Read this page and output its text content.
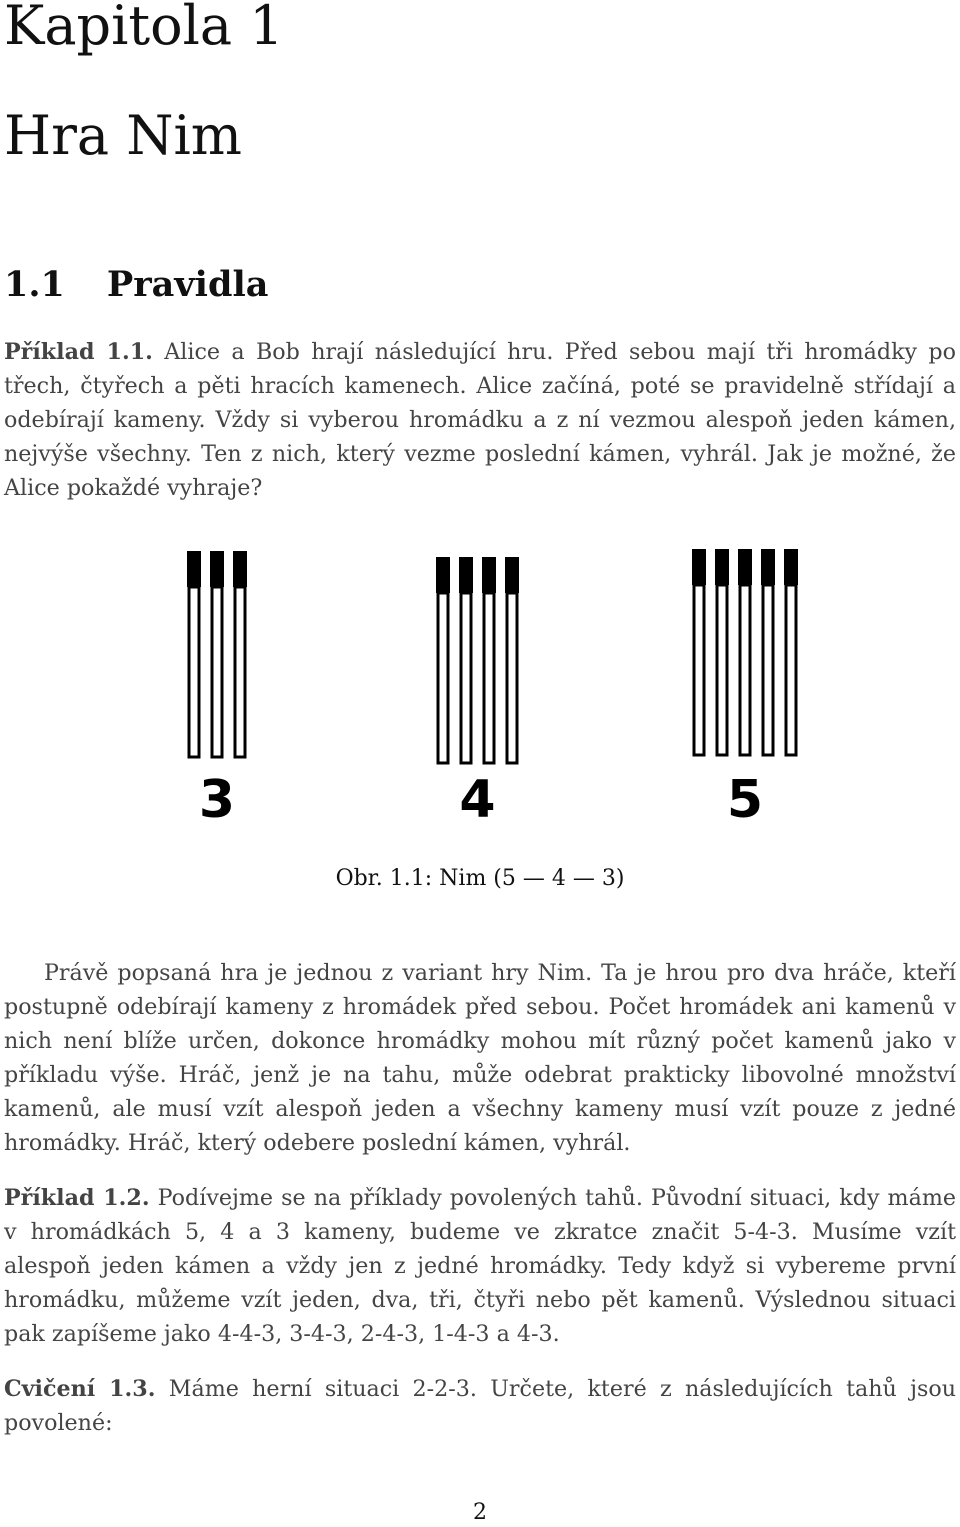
Kapitola 1
Hra Nim
1.1 Pravidla

Příklad 1.1. Alice a Bob hrají následující hru. Před sebou mají tři hromádky po třech, čtyřech a pěti hracích kamenech. Alice začíná, poté se pravidelně střídají a odebírají kameny. Vždy si vyberou hromádku a z ní vezmou alespoň jeden kámen, nejvýše všechny. Ten z nich, který vezme poslední kámen, vyhrál. Jak je možné, že Alice pokaždé vyhraje?

3	4	5
Obr. 1.1: Nim (5 — 4 — 3)

Právě popsaná hra je jednou z variant hry Nim. Ta je hrou pro dva hráče, kteří postupně odebírají kameny z hromádek před sebou. Počet hromádek ani kamenů v nich není blíže určen, dokonce hromádky mohou mít různý počet kamenů jako v příkladu výše. Hráč, jenž je na tahu, může odebrat prakticky libovolné množství kamenů, ale musí vzít alespoň jeden a všechny kameny musí vzít pouze z jedné hromádky. Hráč, který odebere poslední kámen, vyhrál.

Příklad 1.2. Podívejme se na příklady povolených tahů. Původní situaci, kdy máme v hromádkách 5, 4 a 3 kameny, budeme ve zkratce značit 5-4-3. Musíme vzít alespoň jeden kámen a vždy jen z jedné hromádky. Tedy když si vybereme první hromádku, můžeme vzít jeden, dva, tři, čtyři nebo pět kamenů. Výslednou situaci pak zapíšeme jako 4-4-3, 3-4-3, 2-4-3, 1-4-3 a 4-3.

Cvičení 1.3. Máme herní situaci 2-2-3. Určete, které z následujících tahů jsou povolené:

2
